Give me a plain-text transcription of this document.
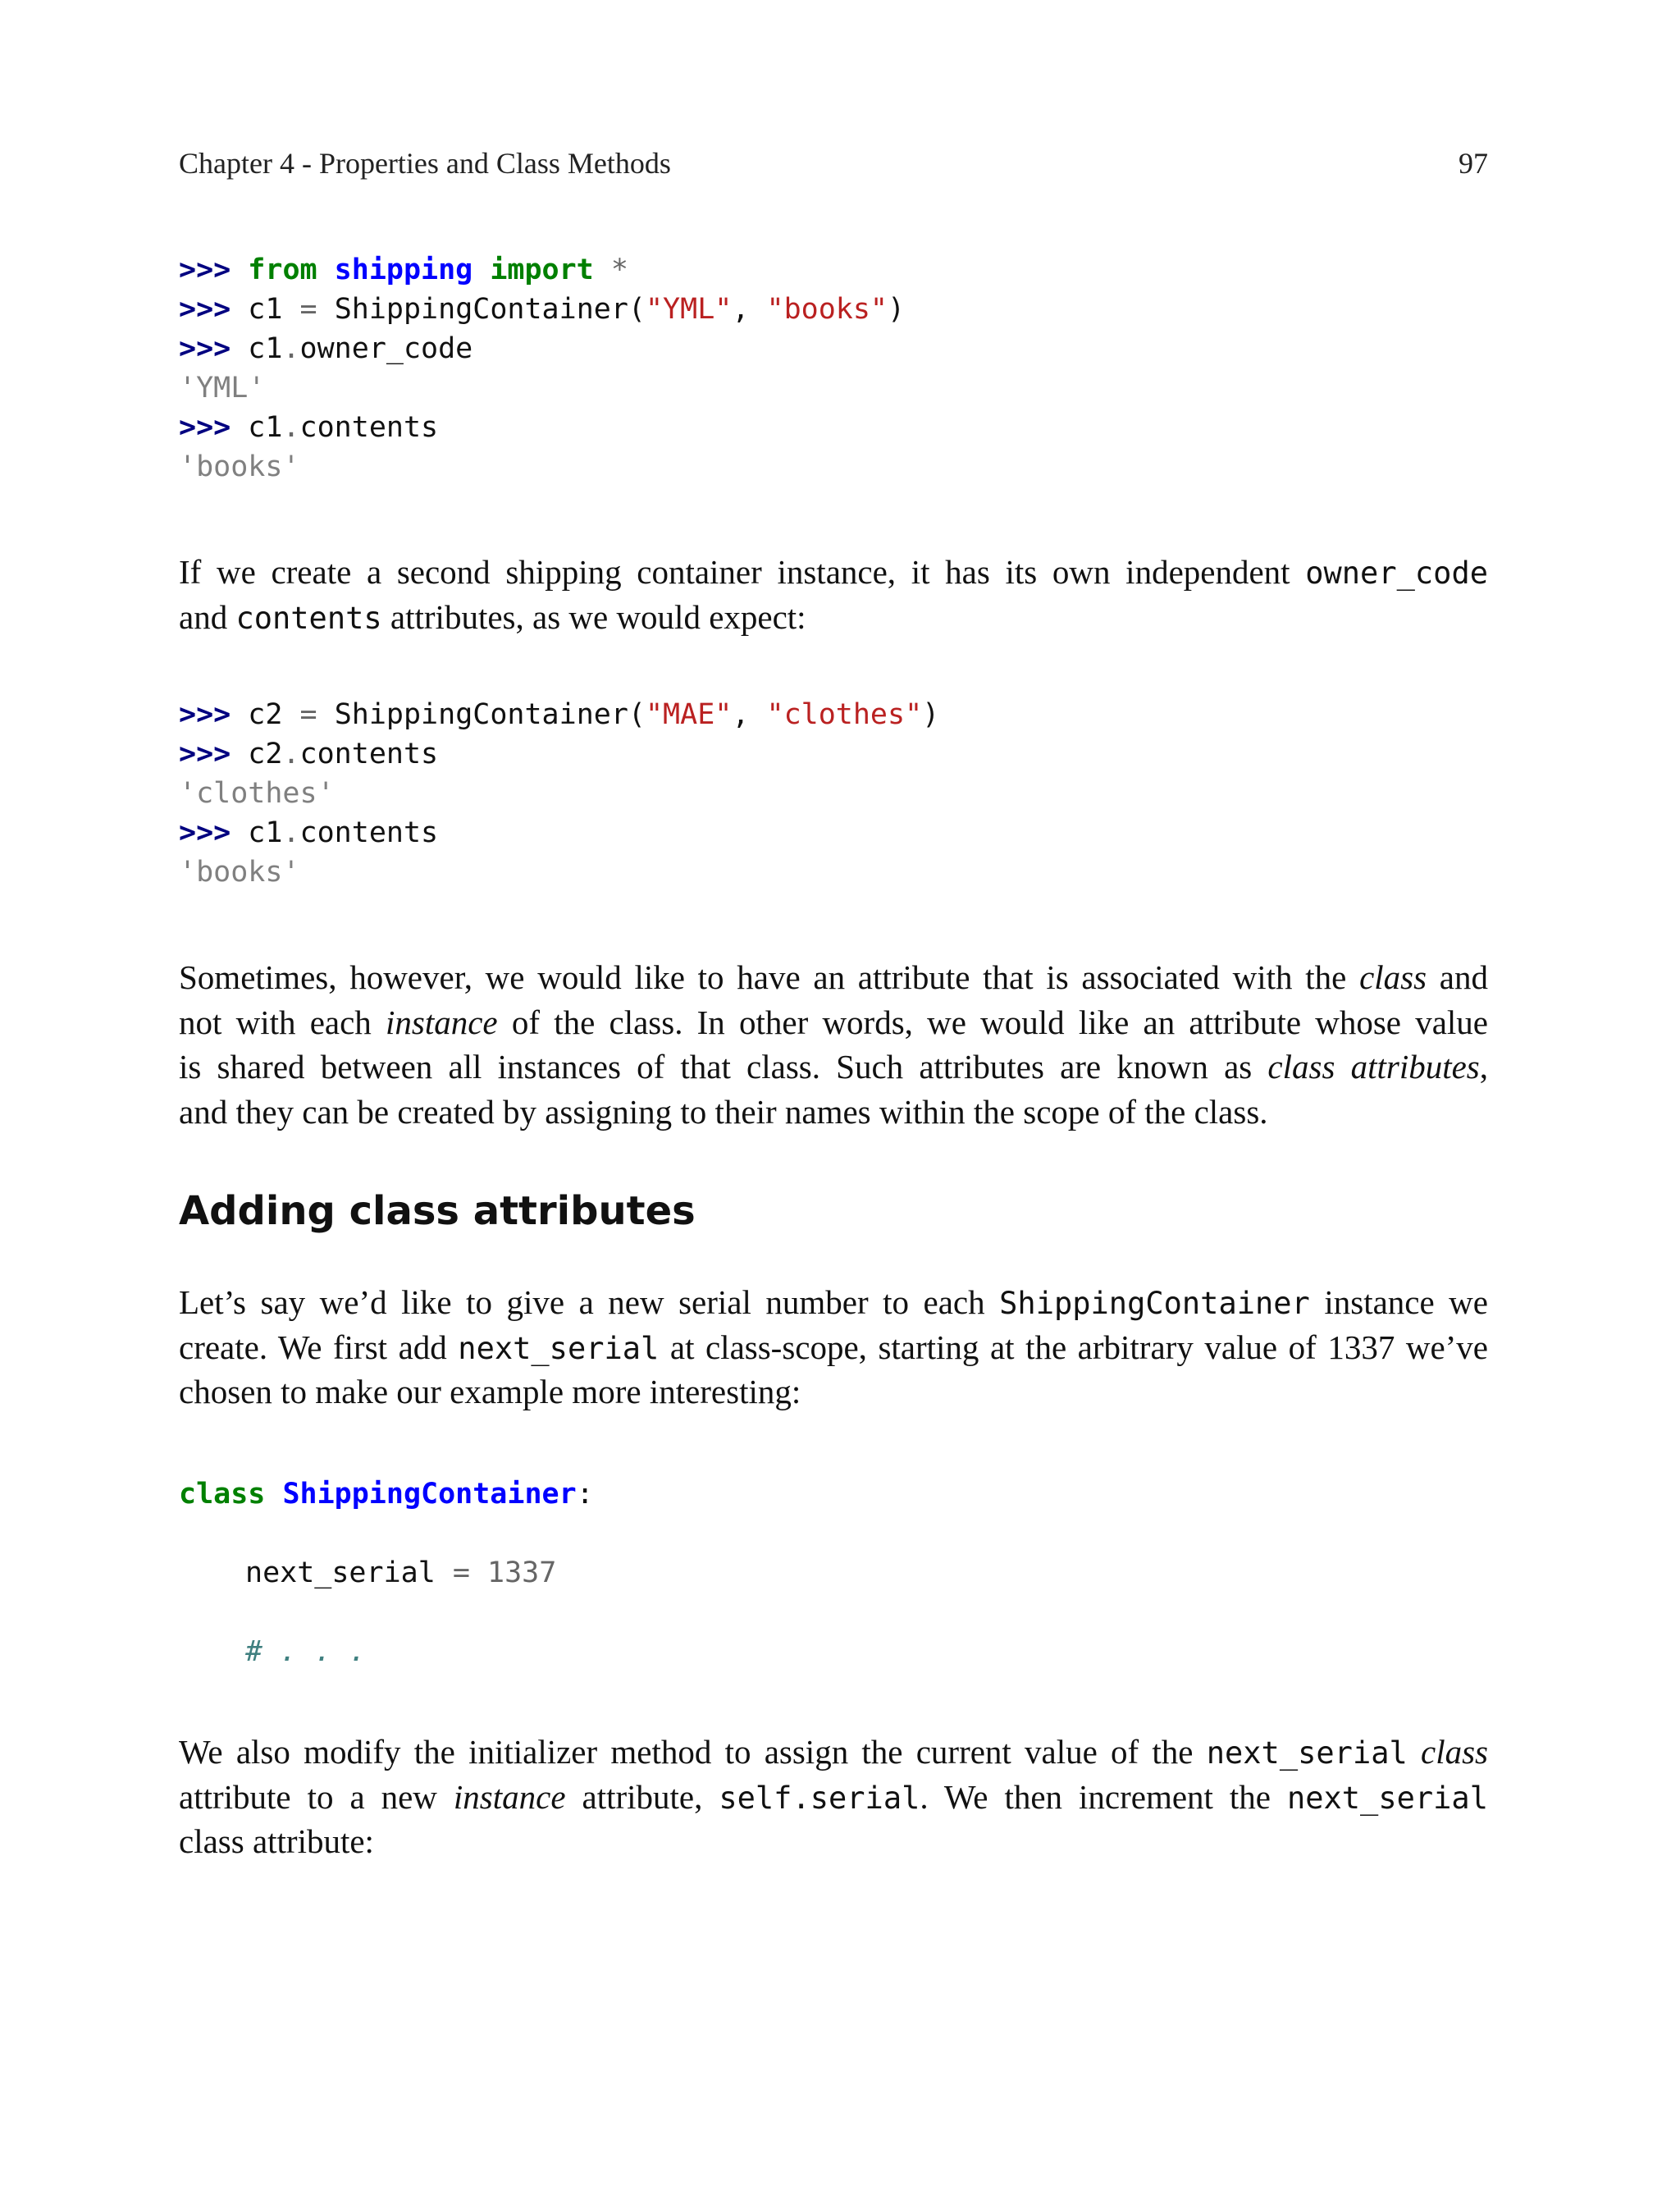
Chapter 4 - Properties and Class Methods	97

>>> from shipping import *

>>> c1 = ShippingContainer("YML", "books")

>>> c1.owner_code

'YML'

>>> c1.contents

'books'

If we create a second shipping container instance, it has its own independent owner_code
and contents attributes, as we would expect:

>>> c2 = ShippingContainer("MAE", "clothes")

>>> c2.contents

'clothes'

>>> c1.contents

'books'

Sometimes, however, we would like to have an attribute that is associated with the class and
not with each instance of the class. In other words, we would like an attribute whose value
is shared between all instances of that class. Such attributes are known as class attributes,
and they can be created by assigning to their names within the scope of the class.
Adding class attributes
Let’s say we’d like to give a new serial number to each ShippingContainer instance we
create. We first add next_serial at class-scope, starting at the arbitrary value of 1337 we’ve
chosen to make our example more interesting:

class ShippingContainer:

next_serial = 1337

# . . .

We also modify the initializer method to assign the current value of the next_serial class
attribute to a new instance attribute, self.serial. We then increment the next_serial
class attribute:
